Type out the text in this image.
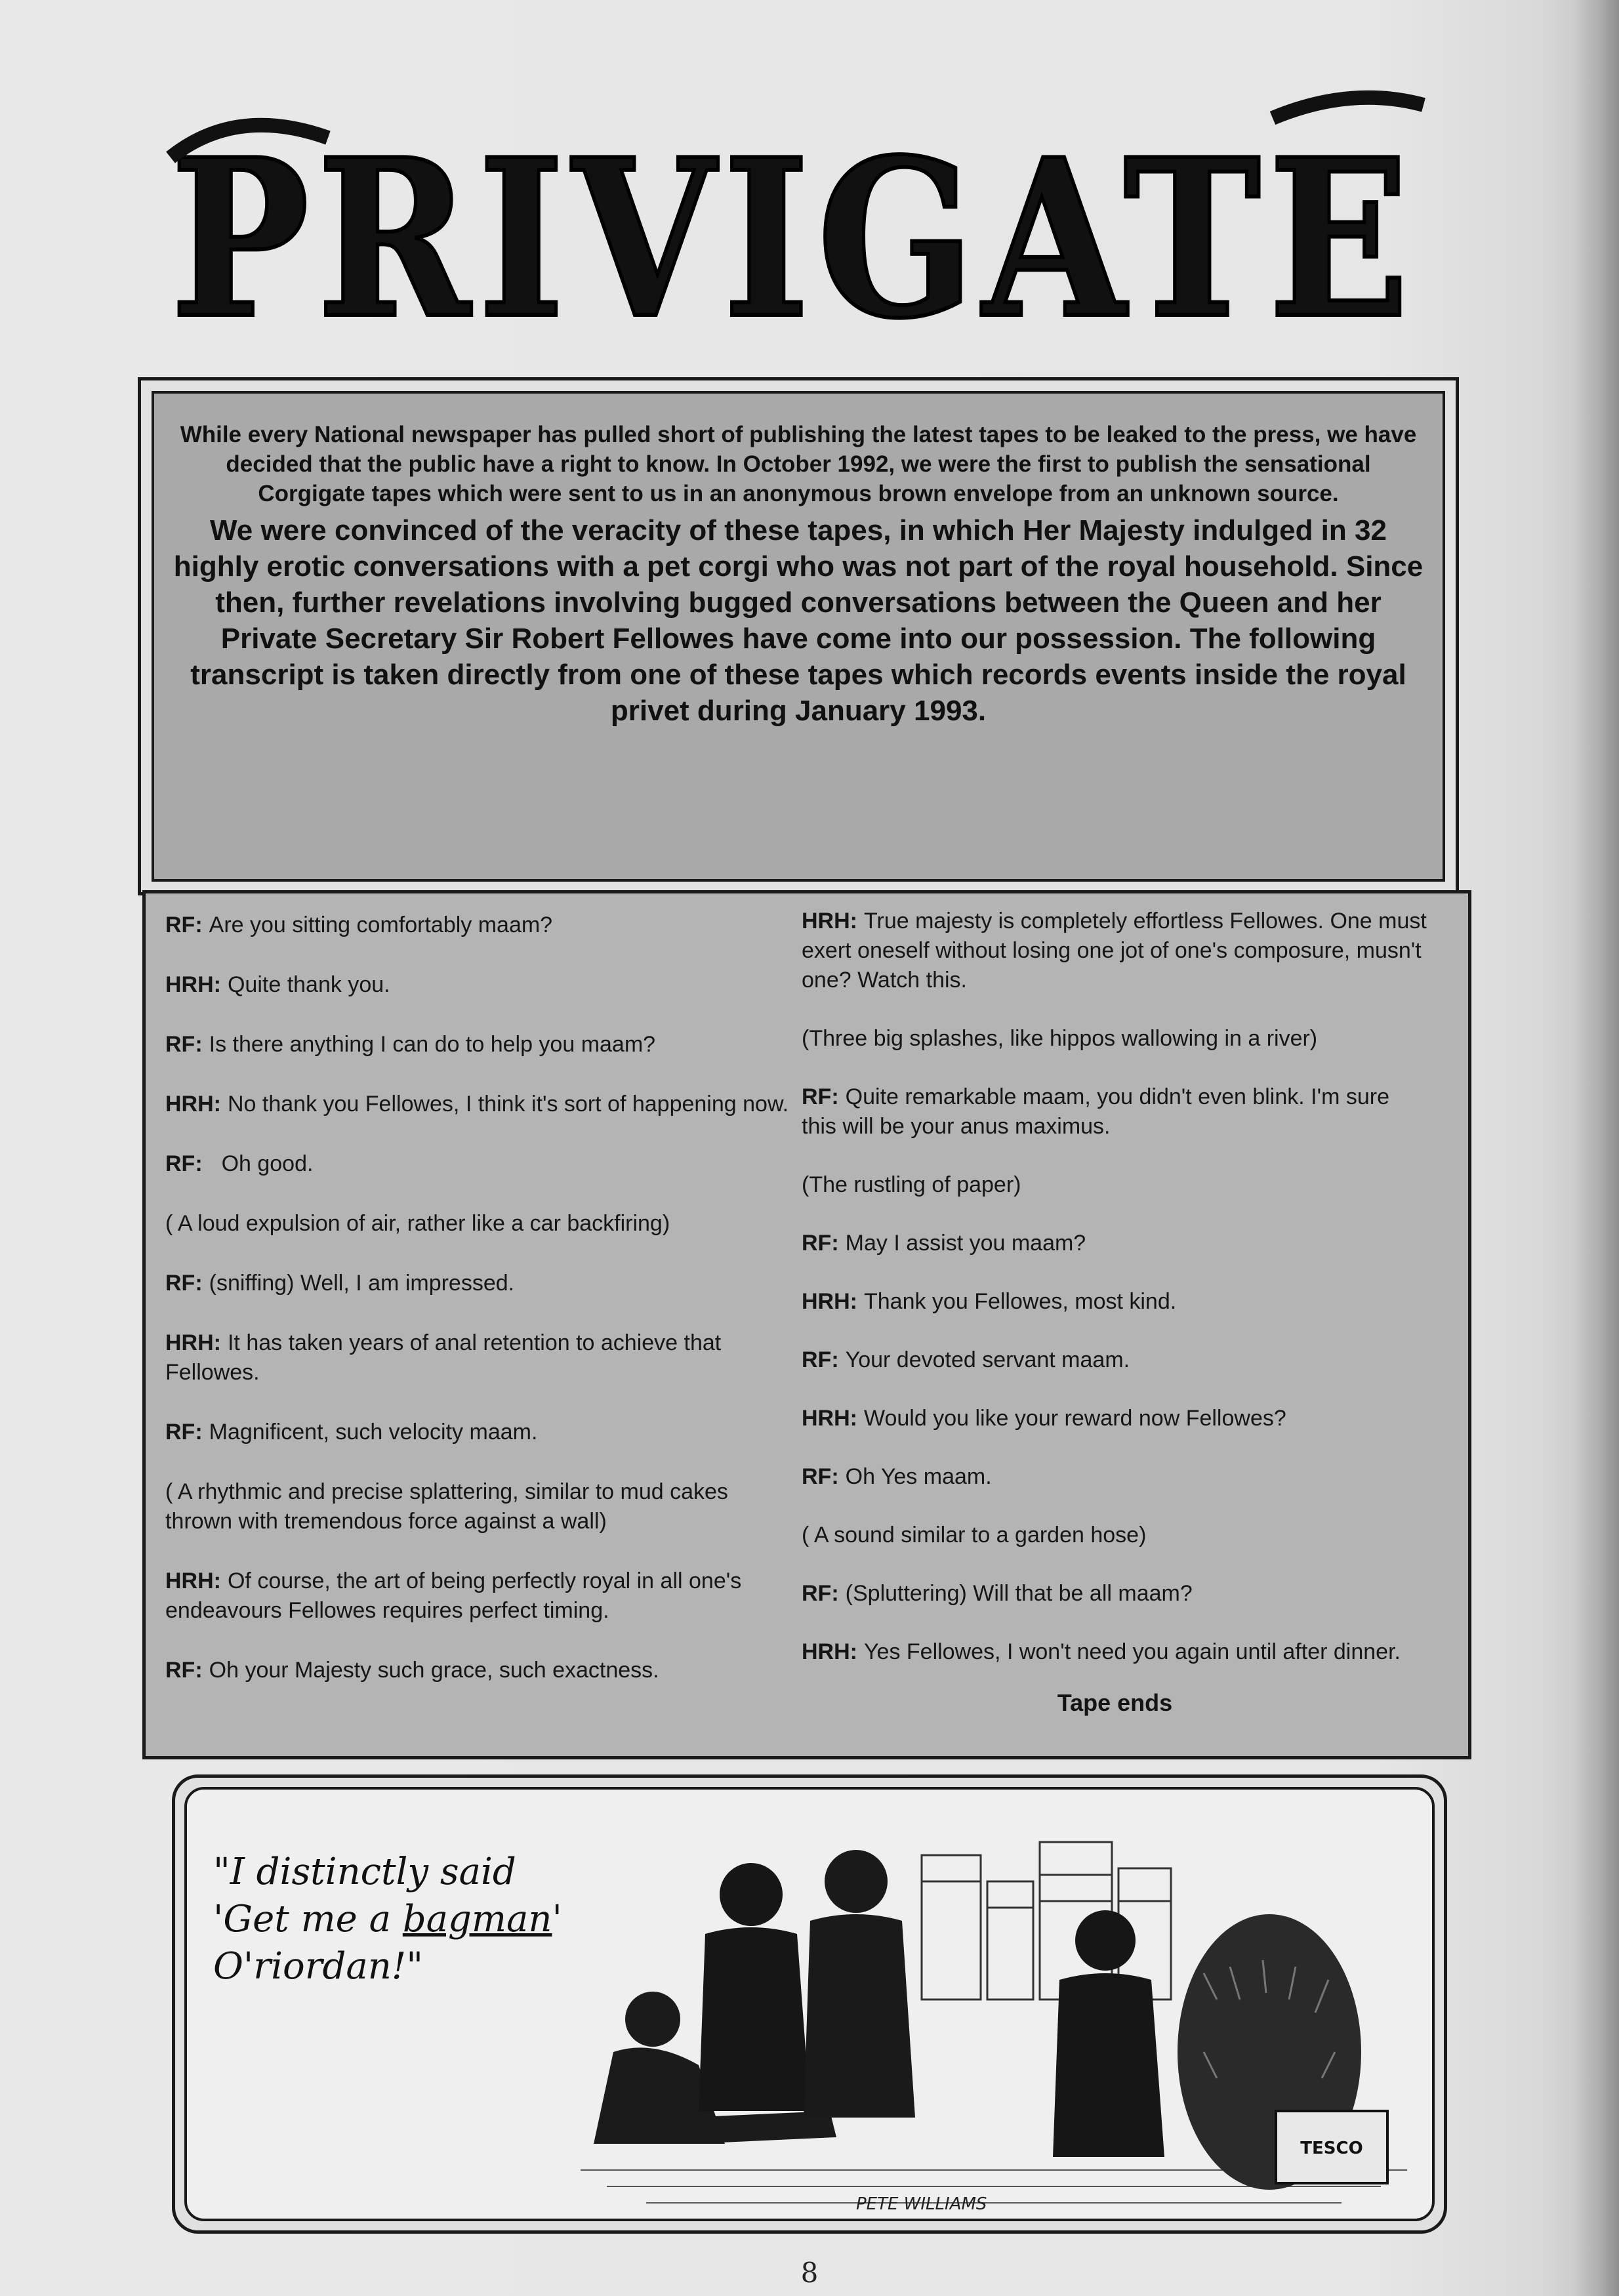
PRIVIGATE

While every National newspaper has pulled short of publishing the latest tapes to be leaked to the press, we have decided that the public have a right to know. In October 1992, we were the first to publish the sensational Corgigate tapes which were sent to us in an anonymous brown envelope from an unknown source.

We were convinced of the veracity of these tapes, in which Her Majesty indulged in 32 highly erotic conversations with a pet corgi who was not part of the royal household. Since then, further revelations involving bugged conversations between the Queen and her Private Secretary Sir Robert Fellowes have come into our possession. The following transcript is taken directly from one of these tapes which records events inside the royal privet during January 1993.

RF: Are you sitting comfortably maam?

HRH: Quite thank you.

RF: Is there anything I can do to help you maam?

HRH: No thank you Fellowes, I think it's sort of happening now.

RF: Oh good.

( A loud expulsion of air, rather like a car backfiring)

RF: (sniffing) Well, I am impressed.

HRH: It has taken years of anal retention to achieve that Fellowes.

RF: Magnificent, such velocity maam.

( A rhythmic and precise splattering, similar to mud cakes thrown with tremendous force against a wall)

HRH: Of course, the art of being perfectly royal in all one's endeavours Fellowes requires perfect timing.

RF: Oh your Majesty such grace, such exactness.

HRH: True majesty is completely effortless Fellowes. One must exert oneself without losing one jot of one's composure, musn't one? Watch this.

(Three big splashes, like hippos wallowing in a river)

RF: Quite remarkable maam, you didn't even blink. I'm sure this will be your anus maximus.

(The rustling of paper)

RF: May I assist you maam?

HRH: Thank you Fellowes, most kind.

RF: Your devoted servant maam.

HRH: Would you like your reward now Fellowes?

RF: Oh Yes maam.

( A sound similar to a garden hose)

RF: (Spluttering) Will that be all maam?

HRH: Yes Fellowes, I won't need you again until after dinner.

Tape ends
"I distinctly said
'Get me a bagman'
O'riordan!"
TESCO
PETE WILLIAMS
8
